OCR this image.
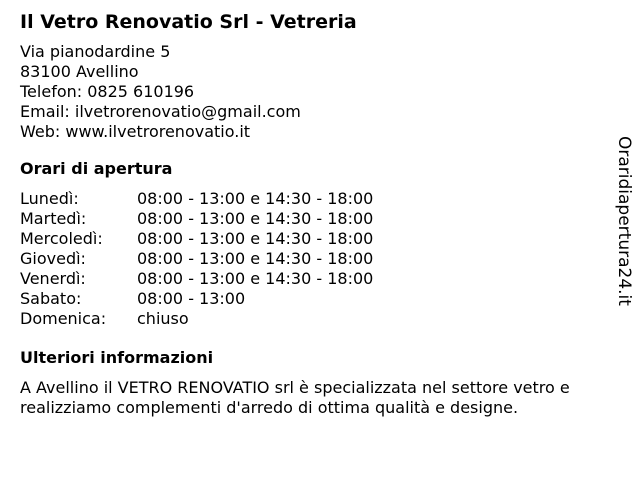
Il Vetro Renovatio Srl - Vetreria
Via pianodardine 5
83100 Avellino
Telefon: 0825 610196
Email: ilvetrorenovatio@gmail.com
Web: www.ilvetrorenovatio.it
Orari di apertura
Lunedì:	08:00 - 13:00 e 14:30 - 18:00
Martedì:	08:00 - 13:00 e 14:30 - 18:00
Mercoledì:	08:00 - 13:00 e 14:30 - 18:00
Giovedì:	08:00 - 13:00 e 14:30 - 18:00
Venerdì:	08:00 - 13:00 e 14:30 - 18:00
Sabato:	08:00 - 13:00
Domenica:	chiuso
Ulteriori informazioni
A Avellino il VETRO RENOVATIO srl è specializzata nel settore vetro e realizziamo complementi d'arredo di ottima qualità e designe.
Oraridiapertura24.it
